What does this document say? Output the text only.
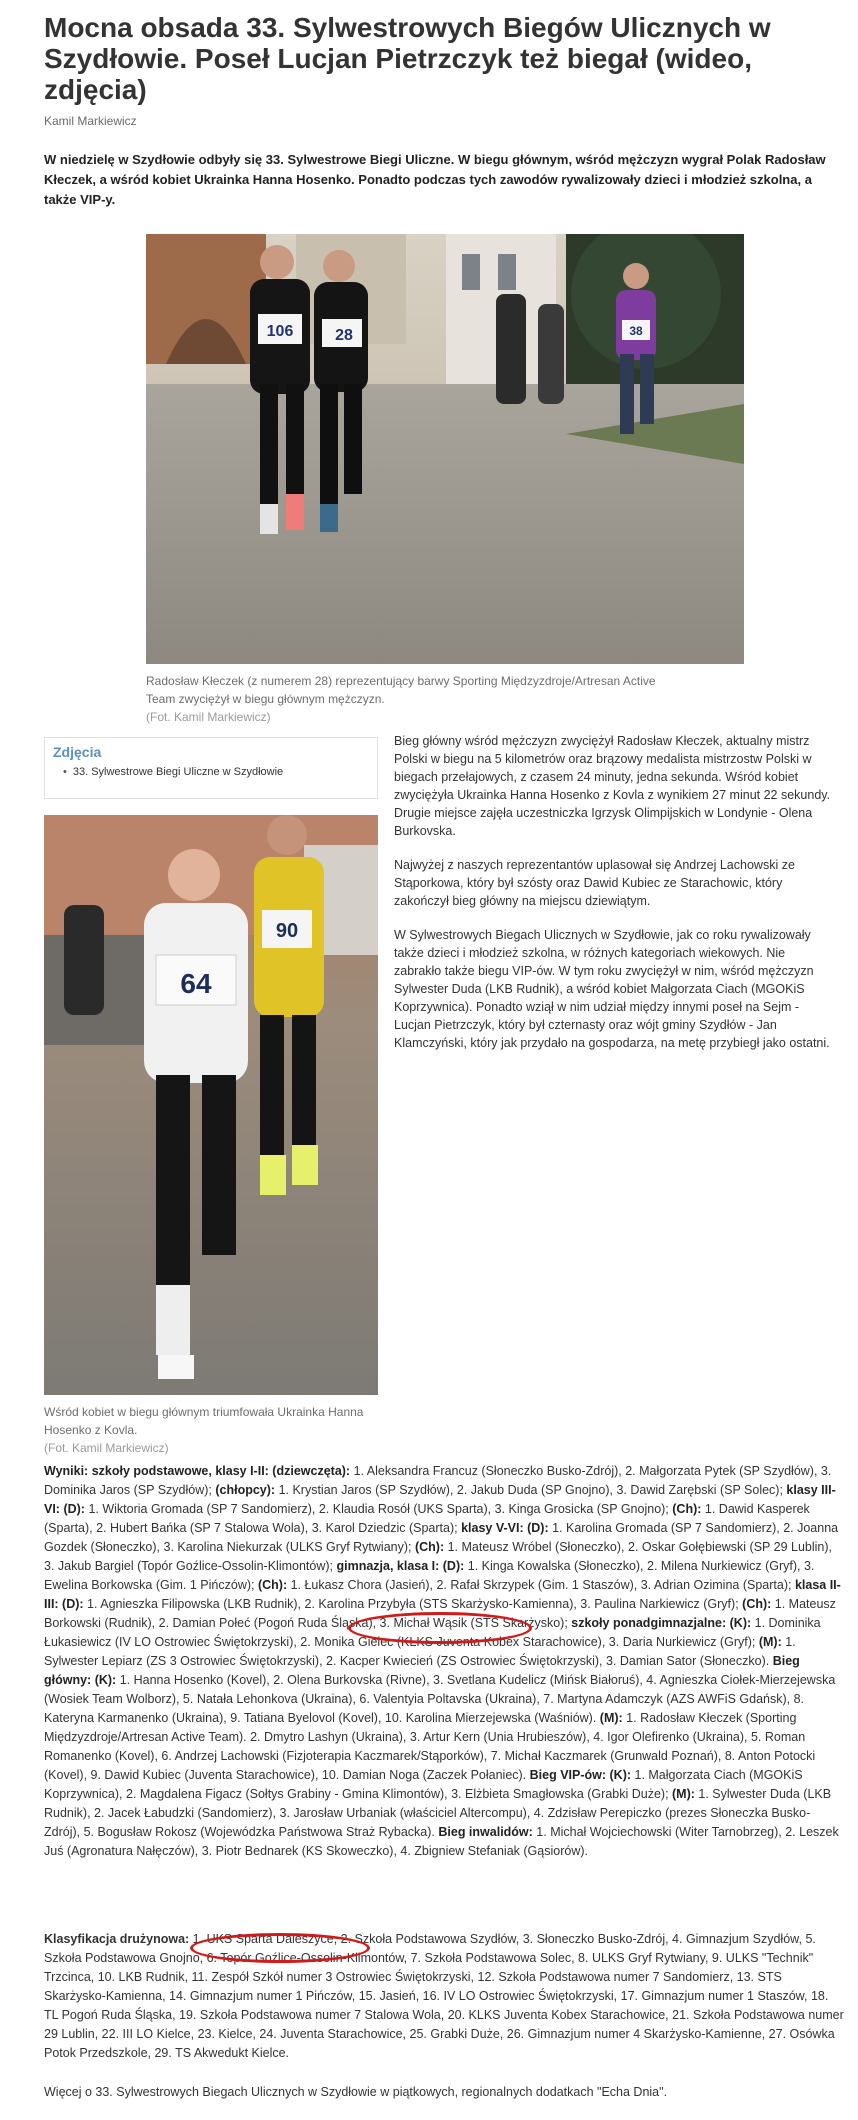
Mocna obsada 33. Sylwestrowych Biegów Ulicznych w Szydłowie. Poseł Lucjan Pietrzczyk też biegał (wideo, zdjęcia)
Kamil Markiewicz
W niedzielę w Szydłowie odbyły się 33. Sylwestrowe Biegi Uliczne. W biegu głównym, wśród mężczyzn wygrał Polak Radosław Kłeczek, a wśród kobiet Ukrainka Hanna Hosenko. Ponadto podczas tych zawodów rywalizowały dzieci i młodzież szkolna, a także VIP-y.
106	28	38
Radosław Kłeczek (z numerem 28) reprezentujący barwy Sporting Międzyzdroje/Artresan Active Team zwyciężył w biegu głównym mężczyzn.
(Fot. Kamil Markiewicz)
Zdjęcia
• 33. Sylwestrowe Biegi Uliczne w Szydłowie

Bieg główny wśród mężczyzn zwyciężył Radosław Kłeczek, aktualny mistrz Polski w biegu na 5 kilometrów oraz brązowy medalista mistrzostw Polski w biegach przełajowych, z czasem 24 minuty, jedna sekunda. Wśród kobiet zwyciężyła Ukrainka Hanna Hosenko z Kovla z wynikiem 27 minut 22 sekundy. Drugie miejsce zajęła uczestniczka Igrzysk Olimpijskich w Londynie - Olena Burkovska.

Najwyżej z naszych reprezentantów uplasował się Andrzej Lachowski ze Stąporkowa, który był szósty oraz Dawid Kubiec ze Starachowic, który zakończył bieg główny na miejscu dziewiątym.

W Sylwestrowych Biegach Ulicznych w Szydłowie, jak co roku rywalizowały także dzieci i młodzież szkolna, w różnych kategoriach wiekowych. Nie zabrakło także biegu VIP-ów. W tym roku zwyciężył w nim, wśród mężczyzn Sylwester Duda (LKB Rudnik), a wśród kobiet Małgorzata Ciach (MGOKiS Koprzywnica). Ponadto wziął w nim udział między innymi poseł na Sejm - Lucjan Pietrzczyk, który był czternasty oraz wójt gminy Szydłów - Jan Klamczyński, który jak przydało na gospodarza, na metę przybiegł jako ostatni.

90
64
Wśród kobiet w biegu głównym triumfowała Ukrainka Hanna Hosenko z Kovla.
(Fot. Kamil Markiewicz)
Wyniki: szkoły podstawowe, klasy I-II: (dziewczęta): 1. Aleksandra Francuz (Słoneczko Busko-Zdrój), 2. Małgorzata Pytek (SP Szydłów), 3. Dominika Jaros (SP Szydłów); (chłopcy): 1. Krystian Jaros (SP Szydłów), 2. Jakub Duda (SP Gnojno), 3. Dawid Zarębski (SP Solec); klasy III-VI: (D): 1. Wiktoria Gromada (SP 7 Sandomierz), 2. Klaudia Rosół (UKS Sparta), 3. Kinga Grosicka (SP Gnojno); (Ch): 1. Dawid Kasperek (Sparta), 2. Hubert Bańka (SP 7 Stalowa Wola), 3. Karol Dziedzic (Sparta); klasy V-VI: (D): 1. Karolina Gromada (SP 7 Sandomierz), 2. Joanna Gozdek (Słoneczko), 3. Karolina Niekurzak (ULKS Gryf Rytwiany); (Ch): 1. Mateusz Wróbel (Słoneczko), 2. Oskar Gołębiewski (SP 29 Lublin), 3. Jakub Bargiel (Topór Goźlice-Ossolin-Klimontów); gimnazja, klasa I: (D): 1. Kinga Kowalska (Słoneczko), 2. Milena Nurkiewicz (Gryf), 3. Ewelina Borkowska (Gim. 1 Pińczów); (Ch): 1. Łukasz Chora (Jasień), 2. Rafał Skrzypek (Gim. 1 Staszów), 3. Adrian Ozimina (Sparta); klasa II-III: (D): 1. Agnieszka Filipowska (LKB Rudnik), 2. Karolina Przybyła (STS Skarżysko-Kamienna), 3. Paulina Narkiewicz (Gryf); (Ch): 1. Mateusz Borkowski (Rudnik), 2. Damian Połeć (Pogoń Ruda Śląska), 3. Michał Wąsik (STS Skarżysko); szkoły ponadgimnazjalne: (K): 1. Dominika Łukasiewicz (IV LO Ostrowiec Świętokrzyski), 2. Monika Gielec (KLKS Juventa Kobex Starachowice), 3. Daria Nurkiewicz (Gryf); (M): 1. Sylwester Lepiarz (ZS 3 Ostrowiec Świętokrzyski), 2. Kacper Kwiecień (ZS Ostrowiec Świętokrzyski), 3. Damian Sator (Słoneczko). Bieg główny: (K): 1. Hanna Hosenko (Kovel), 2. Olena Burkovska (Rivne), 3. Svetlana Kudelicz (Mińsk Białoruś), 4. Agnieszka Ciołek-Mierzejewska (Wosiek Team Wolborz), 5. Natała Lehonkova (Ukraina), 6. Valentyia Poltavska (Ukraina), 7. Martyna Adamczyk (AZS AWFiS Gdańsk), 8. Kateryna Karmanenko (Ukraina), 9. Tatiana Byelovol (Kovel), 10. Karolina Mierzejewska (Waśniów). (M): 1. Radosław Kłeczek (Sporting Międzyzdroje/Artresan Active Team). 2. Dmytro Lashyn (Ukraina), 3. Artur Kern (Unia Hrubieszów), 4. Igor Olefirenko (Ukraina), 5. Roman Romanenko (Kovel), 6. Andrzej Lachowski (Fizjoterapia Kaczmarek/Stąporków), 7. Michał Kaczmarek (Grunwald Poznań), 8. Anton Potocki (Kovel), 9. Dawid Kubiec (Juventa Starachowice), 10. Damian Noga (Zaczek Połaniec). Bieg VIP-ów: (K): 1. Małgorzata Ciach (MGOKiS Koprzywnica), 2. Magdalena Figacz (Sołtys Grabiny - Gmina Klimontów), 3. Elżbieta Smagłowska (Grabki Duże); (M): 1. Sylwester Duda (LKB Rudnik), 2. Jacek Łabudzki (Sandomierz), 3. Jarosław Urbaniak (właściciel Altercompu), 4. Zdzisław Perepiczko (prezes Słoneczka Busko-Zdrój), 5. Bogusław Rokosz (Wojewódzka Państwowa Straż Rybacka). Bieg inwalidów: 1. Michał Wojciechowski (Witer Tarnobrzeg), 2. Leszek Juś (Agronatura Nałęczów), 3. Piotr Bednarek (KS Skoweczko), 4. Zbigniew Stefaniak (Gąsiorów).
Klasyfikacja drużynowa: 1. UKS Sparta Daleszyce, 2. Szkoła Podstawowa Szydłów, 3. Słoneczko Busko-Zdrój, 4. Gimnazjum Szydłów, 5. Szkoła Podstawowa Gnojno, 6. Topór Goźlice-Ossolin-Klimontów, 7. Szkoła Podstawowa Solec, 8. ULKS Gryf Rytwiany, 9. ULKS "Technik" Trzcinca, 10. LKB Rudnik, 11. Zespół Szkół numer 3 Ostrowiec Świętokrzyski, 12. Szkoła Podstawowa numer 7 Sandomierz, 13. STS Skarżysko-Kamienna, 14. Gimnazjum numer 1 Pińczów, 15. Jasień, 16. IV LO Ostrowiec Świętokrzyski, 17. Gimnazjum numer 1 Staszów, 18. TL Pogoń Ruda Śląska, 19. Szkoła Podstawowa numer 7 Stalowa Wola, 20. KLKS Juventa Kobex Starachowice, 21. Szkoła Podstawowa numer 29 Lublin, 22. III LO Kielce, 23. Kielce, 24. Juventa Starachowice, 25. Grabki Duże, 26. Gimnazjum numer 4 Skarżysko-Kamienne, 27. Osówka Potok Przedszkole, 29. TS Akwedukt Kielce.
Więcej o 33. Sylwestrowych Biegach Ulicznych w Szydłowie w piątkowych, regionalnych dodatkach "Echa Dnia".
